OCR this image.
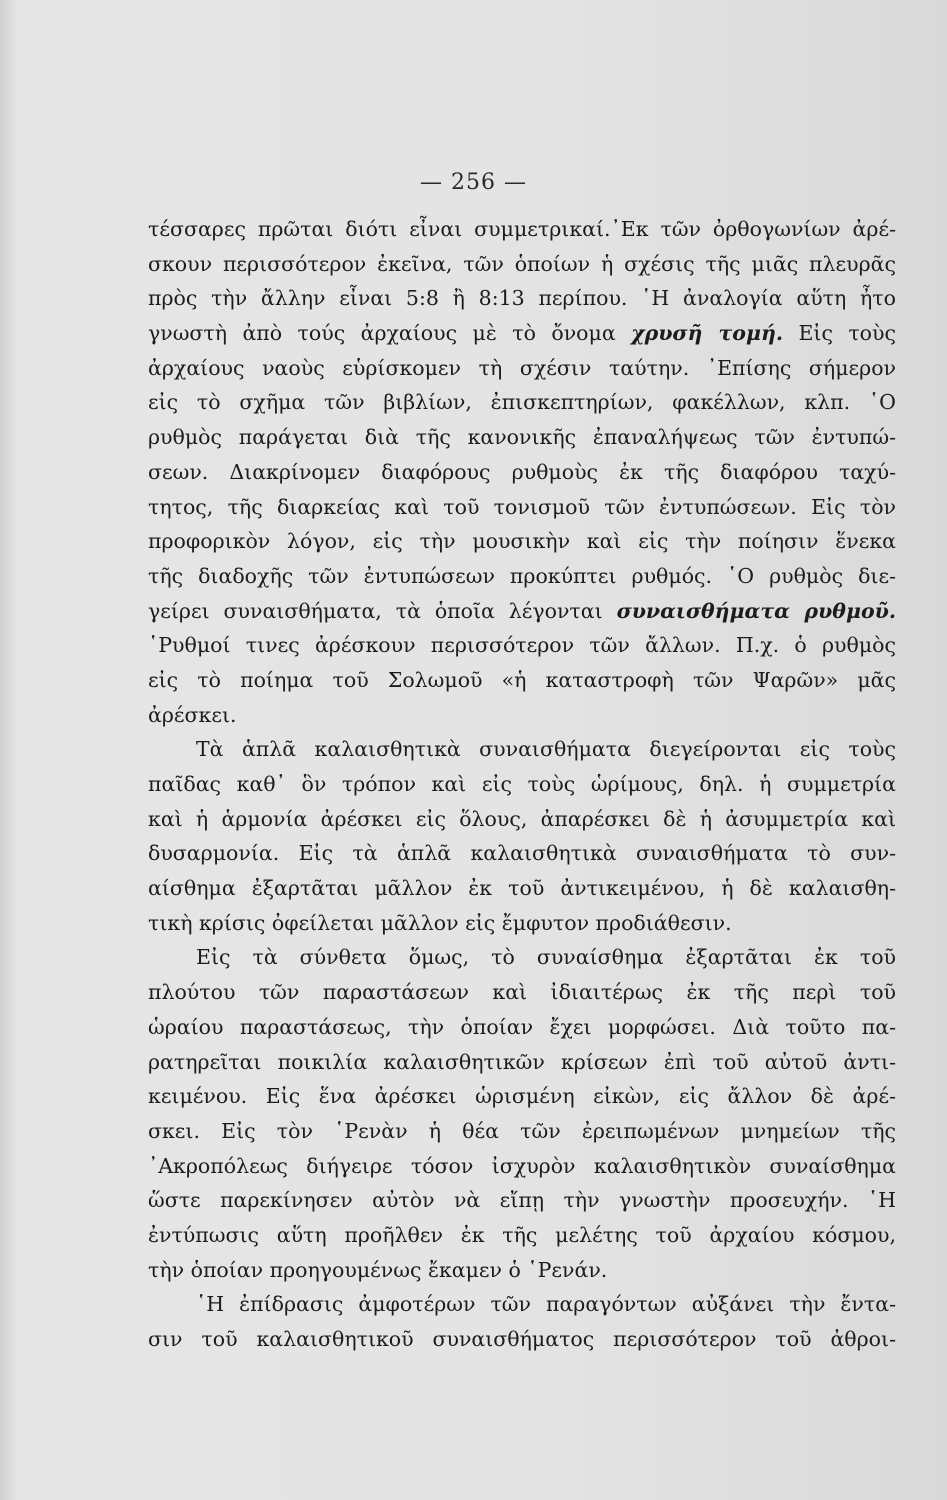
— 256 —
τέσσαρες πρῶται διότι εἶναι συμμετρικαί.᾽Εκ τῶν ὀρθογωνίων ἀρέ-
σκουν περισσότερον ἐκεῖνα, τῶν ὁποίων ἡ σχέσις τῆς μιᾶς πλευρᾶς
πρὸς τὴν ἄλλην εἶναι 5:8 ἢ 8:13 περίπου. ῾Η ἀναλογία αὕτη ἦτο
γνωστὴ ἀπὸ τούς ἀρχαίους μὲ τὸ ὄνομα χρυσῆ τομή. Εἰς τοὺς
ἀρχαίους ναοὺς εὑρίσκομεν τὴ σχέσιν ταύτην. ᾽Επίσης σήμερον
εἰς τὸ σχῆμα τῶν βιβλίων, ἐπισκεπτηρίων, φακέλλων, κλπ. ῾Ο
ρυθμὸς παράγεται διὰ τῆς κανονικῆς ἐπαναλήψεως τῶν ἐντυπώ-
σεων. Διακρίνομεν διαφόρους ρυθμοὺς ἐκ τῆς διαφόρου ταχύ-
τητος, τῆς διαρκείας καὶ τοῦ τονισμοῦ τῶν ἐντυπώσεων. Εἰς τὸν
προφορικὸν λόγον, εἰς τὴν μουσικὴν καὶ εἰς τὴν ποίησιν ἕνεκα
τῆς διαδοχῆς τῶν ἐντυπώσεων προκύπτει ρυθμός. ῾Ο ρυθμὸς διε-
γείρει συναισθήματα, τὰ ὁποῖα λέγονται συναισθήματα ρυθμοῦ.
῾Ρυθμοί τινες ἀρέσκουν περισσότερον τῶν ἄλλων. Π.χ. ὁ ρυθμὸς
εἰς τὸ ποίημα τοῦ Σολωμοῦ «ἡ καταστροφὴ τῶν Ψαρῶν» μᾶς
ἀρέσκει.
Τὰ ἁπλᾶ καλαισθητικὰ συναισθήματα διεγείρονται εἰς τοὺς
παῖδας καθ᾽ ὃν τρόπον καὶ εἰς τοὺς ὡρίμους, δηλ. ἡ συμμετρία
καὶ ἡ ἁρμονία ἀρέσκει εἰς ὅλους, ἀπαρέσκει δὲ ἡ ἀσυμμετρία καὶ
δυσαρμονία. Εἰς τὰ ἁπλᾶ καλαισθητικὰ συναισθήματα τὸ συν-
αίσθημα ἐξαρτᾶται μᾶλλον ἐκ τοῦ ἀντικειμένου, ἡ δὲ καλαισθη-
τικὴ κρίσις ὀφείλεται μᾶλλον εἰς ἔμφυτον προδιάθεσιν.
Εἰς τὰ σύνθετα ὅμως, τὸ συναίσθημα ἐξαρτᾶται ἐκ τοῦ
πλούτου τῶν παραστάσεων καὶ ἰδιαιτέρως ἐκ τῆς περὶ τοῦ
ὡραίου παραστάσεως, τὴν ὁποίαν ἔχει μορφώσει. Διὰ τοῦτο πα-
ρατηρεῖται ποικιλία καλαισθητικῶν κρίσεων ἐπὶ τοῦ αὐτοῦ ἀντι-
κειμένου. Εἰς ἕνα ἀρέσκει ὡρισμένη εἰκὼν, εἰς ἄλλον δὲ ἀρέ-
σκει. Εἰς τὸν ῾Ρενὰν ἡ θέα τῶν ἐρειπωμένων μνημείων τῆς
᾽Ακροπόλεως διήγειρε τόσον ἰσχυρὸν καλαισθητικὸν συναίσθημα
ὥστε παρεκίνησεν αὐτὸν νὰ εἴπῃ τὴν γνωστὴν προσευχήν. ῾Η
ἐντύπωσις αὕτη προῆλθεν ἐκ τῆς μελέτης τοῦ ἀρχαίου κόσμου,
τὴν ὁποίαν προηγουμένως ἔκαμεν ὁ ῾Ρενάν.
῾Η ἐπίδρασις ἀμφοτέρων τῶν παραγόντων αὐξάνει τὴν ἔντα-
σιν τοῦ καλαισθητικοῦ συναισθήματος περισσότερον τοῦ ἀθροι-
